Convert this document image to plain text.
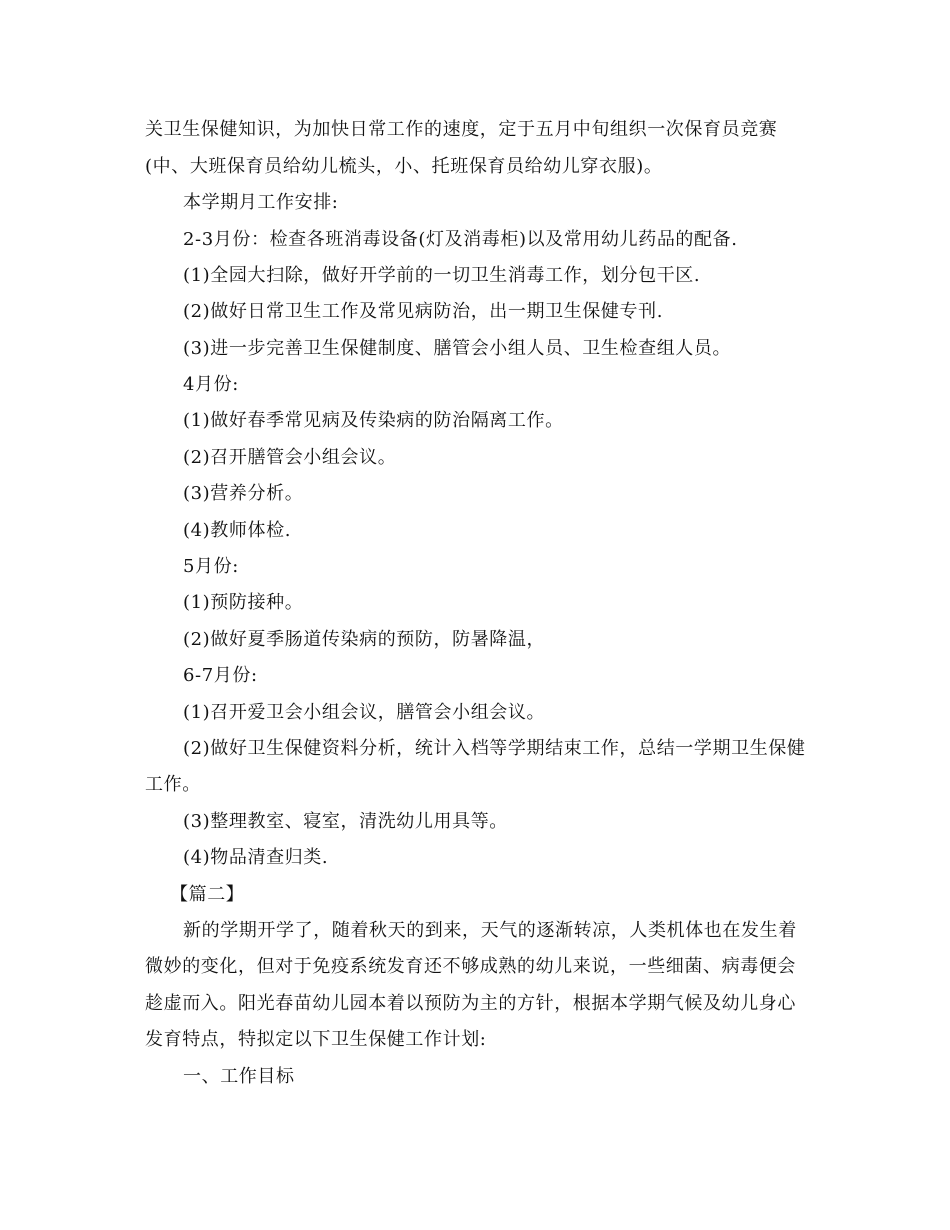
关卫生保健知识，为加快日常工作的速度，定于五月中旬组织一次保育员竞赛
(中、大班保育员给幼儿梳头，小、托班保育员给幼儿穿衣服)。
本学期月工作安排:
2-3月份：检查各班消毒设备(灯及消毒柜)以及常用幼儿药品的配备.
(1)全园大扫除，做好开学前的一切卫生消毒工作，划分包干区.
(2)做好日常卫生工作及常见病防治，出一期卫生保健专刊.
(3)进一步完善卫生保健制度、膳管会小组人员、卫生检查组人员。
4月份:
(1)做好春季常见病及传染病的防治隔离工作。
(2)召开膳管会小组会议。
(3)营养分析。
(4)教师体检.
5月份:
(1)预防接种。
(2)做好夏季肠道传染病的预防，防暑降温，
6-7月份:
(1)召开爱卫会小组会议，膳管会小组会议。
(2)做好卫生保健资料分析，统计入档等学期结束工作，总结一学期卫生保健
工作。
(3)整理教室、寝室，清洗幼儿用具等。
(4)物品清查归类.
【篇二】
新的学期开学了，随着秋天的到来，天气的逐渐转凉，人类机体也在发生着
微妙的变化，但对于免疫系统发育还不够成熟的幼儿来说，一些细菌、病毒便会
趁虚而入。阳光春苗幼儿园本着以预防为主的方针，根据本学期气候及幼儿身心
发育特点，特拟定以下卫生保健工作计划:
一、工作目标
